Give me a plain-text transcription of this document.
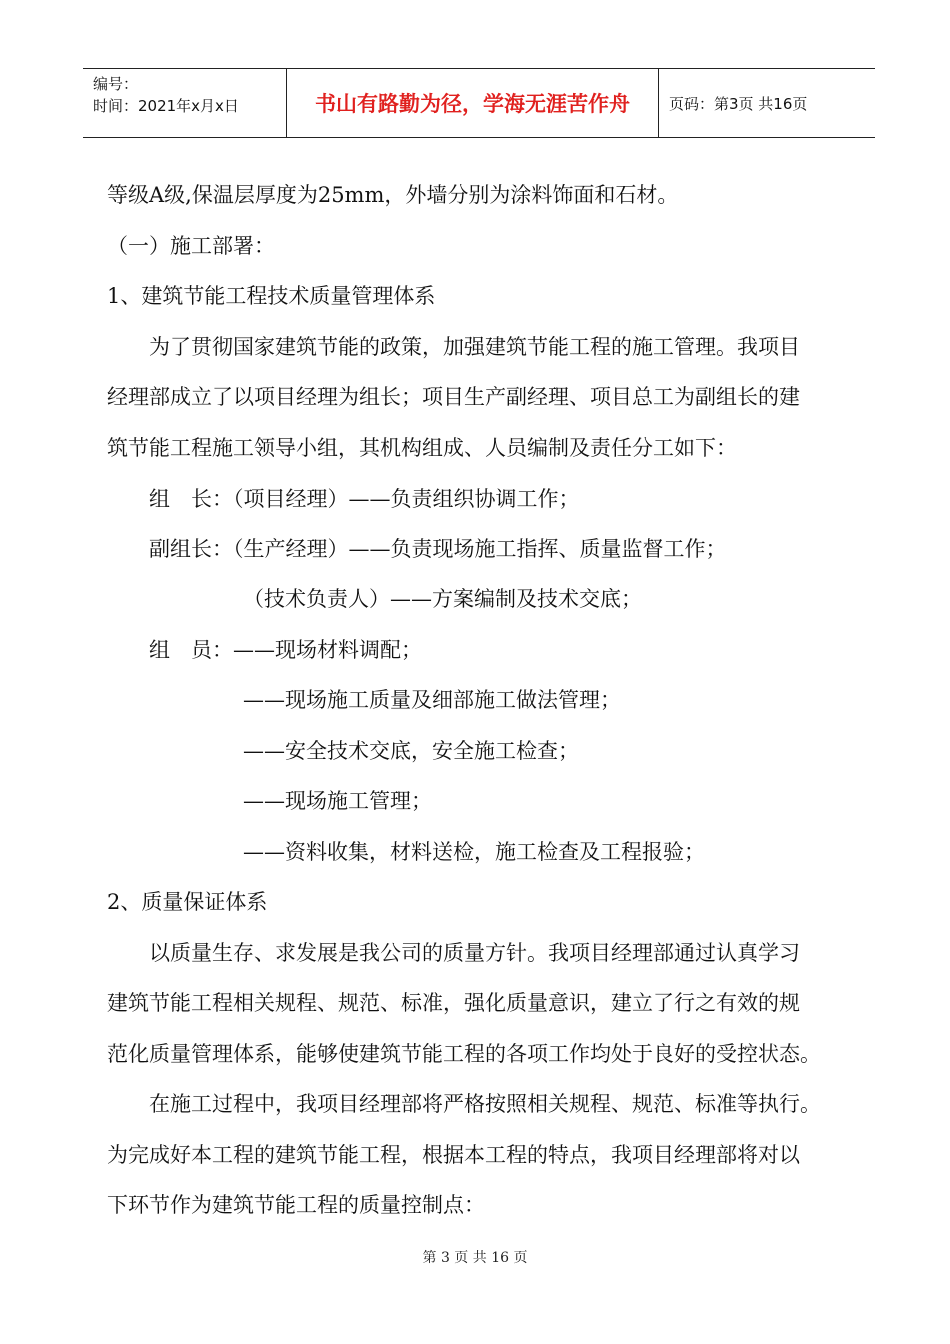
编号：
时间：2021年x月x日	书山有路勤为径，学海无涯苦作舟	页码：第3页 共16页
等级A级,保温层厚度为25mm，外墙分别为涂料饰面和石材。
（一）施工部署：
1、建筑节能工程技术质量管理体系
为了贯彻国家建筑节能的政策，加强建筑节能工程的施工管理。我项目
经理部成立了以项目经理为组长；项目生产副经理、项目总工为副组长的建
筑节能工程施工领导小组，其机构组成、人员编制及责任分工如下：
组　长：（项目经理）——负责组织协调工作；
副组长：（生产经理）——负责现场施工指挥、质量监督工作；
（技术负责人）——方案编制及技术交底；
组　员：——现场材料调配；
——现场施工质量及细部施工做法管理；
——安全技术交底，安全施工检查；
——现场施工管理；
——资料收集，材料送检，施工检查及工程报验；
2、质量保证体系
以质量生存、求发展是我公司的质量方针。我项目经理部通过认真学习
建筑节能工程相关规程、规范、标准，强化质量意识，建立了行之有效的规
范化质量管理体系，能够使建筑节能工程的各项工作均处于良好的受控状态。
在施工过程中，我项目经理部将严格按照相关规程、规范、标准等执行。
为完成好本工程的建筑节能工程，根据本工程的特点，我项目经理部将对以
下环节作为建筑节能工程的质量控制点：
第 3 页 共 16 页
